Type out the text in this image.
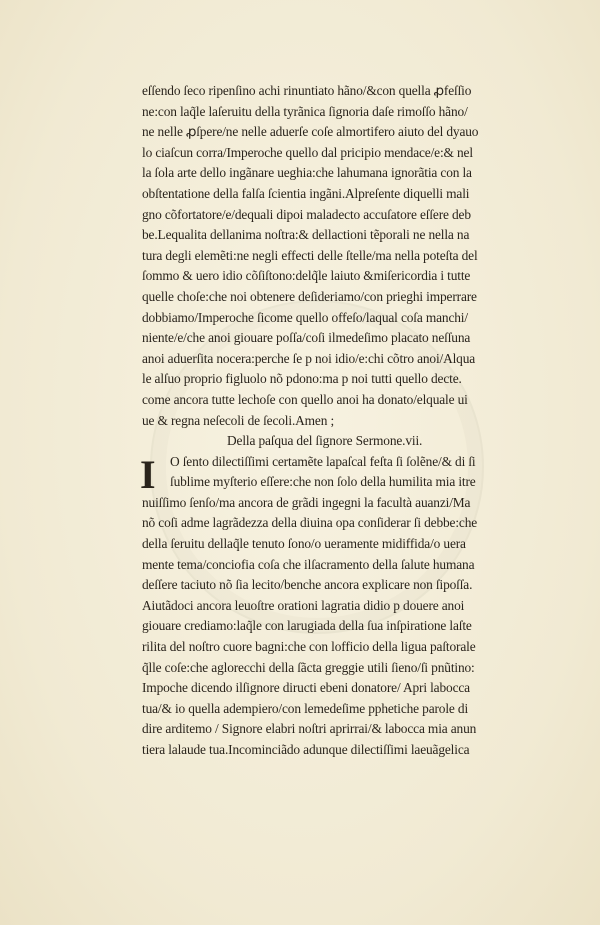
eſſendo ſeco ripenſino achi rinuntiato hãno/&con quella ꝓfeſſio
ne:con laq̃le laſeruitu della tyrãnica ſignoria daſe rimoſſo hãno/
ne nelle ꝓſpere/ne nelle aduerſe coſe almortifero aiuto del dyauo
lo ciaſcun corra/Imperoche quello dal pricipio mendace/e:& nel
la ſola arte dello ingãnare ueghia:che lahumana ignorãtia con la
obſtentatione della falſa ſcientia ingãni.Alpreſente diquelli mali
gno cõfortatore/e/dequali dipoi maladecto accuſatore eſſere deb
be.Lequalita dellanima noſtra:& dellactioni tẽporali ne nella na
tura degli elemẽti:ne negli effecti delle ſtelle/ma nella poteſta del
ſommo & uero idio cõſiſtono:delq̃le laiuto &miſericordia i tutte
quelle choſe:che noi obtenere deſideriamo/con prieghi imperrare
dobbiamo/Imperoche ſicome quello offeſo/laqual coſa manchi/
niente/e/che anoi giouare poſſa/coſi ilmedeſimo placato neſſuna
anoi aduerſita nocera:perche ſe p noi idio/e:chi cõtro anoi/Alqua
le alſuo proprio figluolo nõ pdono:ma p noi tutti quello decte.
come ancora tutte lechoſe con quello anoi ha donato/elquale ui
ue & regna neſecoli de ſecoli.Amen ;
Della paſqua del ſignore Sermone.vii.
I	O ſento dilectiſſimi certamẽte lapaſcal feſta ſi ſolẽne/& di ſi
ſublime myſterio eſſere:che non ſolo della humilita mia itre
nuiſſimo ſenſo/ma ancora de grãdi ingegni la facultà auanzi/Ma
nõ coſi adme lagrãdezza della diuina opa conſiderar ſi debbe:che
della ſeruitu dellaq̃le tenuto ſono/o ueramente midiffida/o uera
mente tema/conciofia coſa che ilſacramento della ſalute humana
deſſere taciuto nõ ſia lecito/benche ancora explicare non ſipoſſa.
Aiutãdoci ancora leuoſtre orationi lagratia didio p douere anoi
giouare crediamo:laq̃le con larugiada della ſua inſpiratione laſte
rilita del noſtro cuore bagni:che con lofficio della ligua paſtorale
q̃lle coſe:che aglorecchi della ſãcta greggie utili ſieno/ſi pnũtino:
Impoche dicendo ilſignore diructi ebeni donatore/ Apri labocca
tua/& io quella adempiero/con lemedeſime pphetiche parole di
dire arditemo / Signore elabri noſtri aprirrai/& labocca mia anun
tiera lalaude tua.Incominciãdo adunque dilectiſſimi laeuãgelica
